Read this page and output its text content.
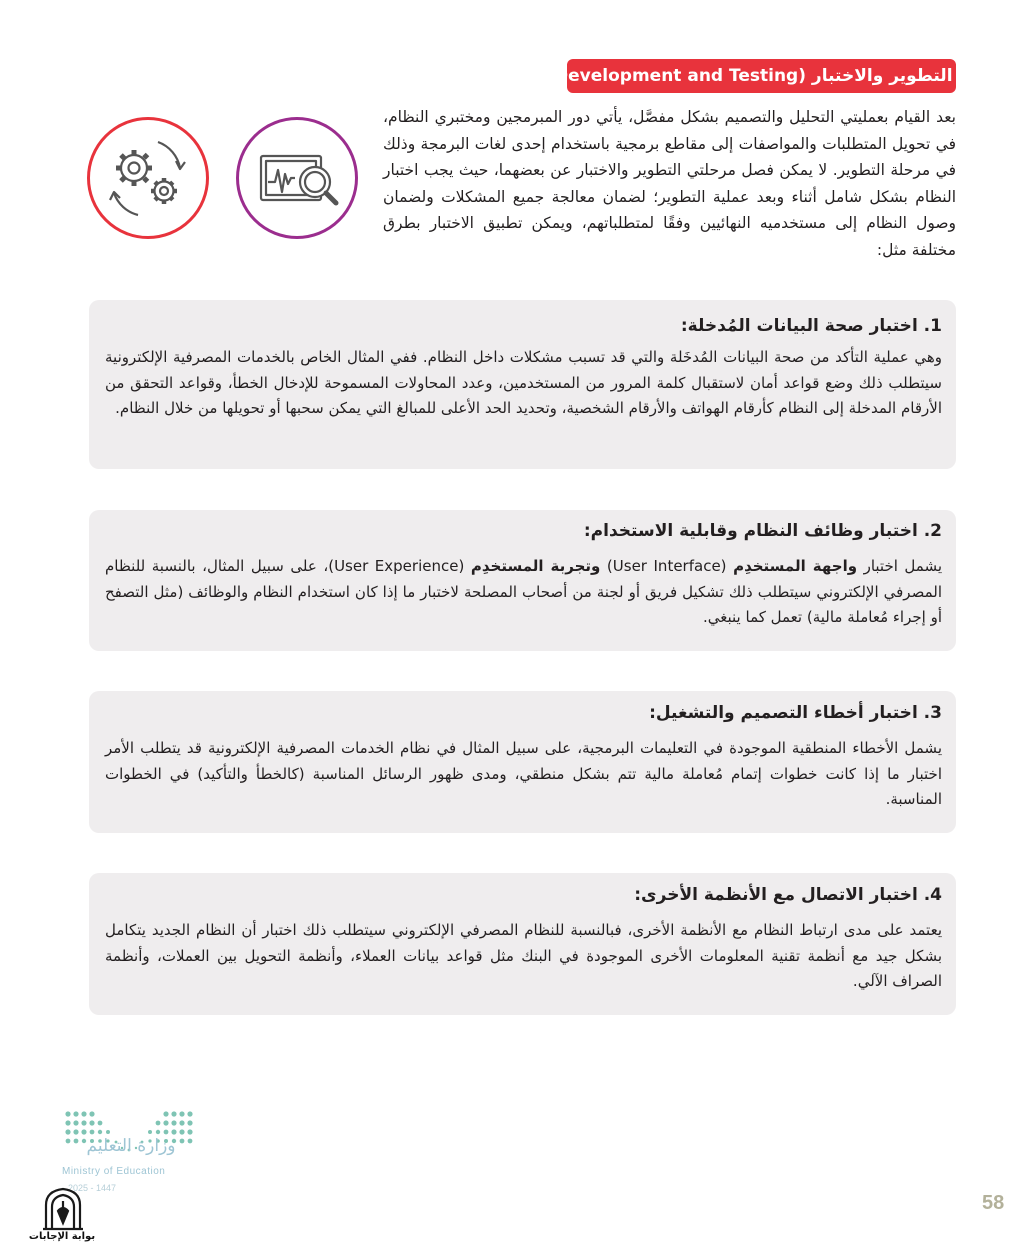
3. التطوير والاختبار (Development and Testing)

بعد القيام بعمليتي التحليل والتصميم بشكل مفصَّل، يأتي دور المبرمجين ومختبري النظام، في تحويل المتطلبات والمواصفات إلى مقاطع برمجية باستخدام إحدى لغات البرمجة وذلك في مرحلة التطوير. لا يمكن فصل مرحلتي التطوير والاختبار عن بعضهما، حيث يجب اختبار النظام بشكل شامل أثناء وبعد عملية التطوير؛ لضمان معالجة جميع المشكلات ولضمان وصول النظام إلى مستخدميه النهائيين وفقًا لمتطلباتهم، ويمكن تطبيق الاختبار بطرق مختلفة مثل:

1. اختبار صحة البيانات المُدخلة:

وهي عملية التأكد من صحة البيانات المُدخَلة والتي قد تسبب مشكلات داخل النظام. ففي المثال الخاص بالخدمات المصرفية الإلكترونية سيتطلب ذلك وضع قواعد أمان لاستقبال كلمة المرور من المستخدمين، وعدد المحاولات المسموحة للإدخال الخطأ، وقواعد التحقق من الأرقام المدخلة إلى النظام كأرقام الهواتف والأرقام الشخصية، وتحديد الحد الأعلى للمبالغ التي يمكن سحبها أو تحويلها من خلال النظام.

2. اختبار وظائف النظام وقابلية الاستخدام:

يشمل اختبار واجهة المستخدِم (User Interface) وتجربة المستخدِم (User Experience)، على سبيل المثال، بالنسبة للنظام المصرفي الإلكتروني سيتطلب ذلك تشكيل فريق أو لجنة من أصحاب المصلحة لاختبار ما إذا كان استخدام النظام والوظائف (مثل التصفح أو إجراء مُعاملة مالية) تعمل كما ينبغي.

3. اختبار أخطاء التصميم والتشغيل:

يشمل الأخطاء المنطقية الموجودة في التعليمات البرمجية، على سبيل المثال في نظام الخدمات المصرفية الإلكترونية قد يتطلب الأمر اختبار ما إذا كانت خطوات إتمام مُعاملة مالية تتم بشكل منطقي، ومدى ظهور الرسائل المناسبة (كالخطأ والتأكيد) في الخطوات المناسبة.

4. اختبار الاتصال مع الأنظمة الأخرى:

يعتمد على مدى ارتباط النظام مع الأنظمة الأخرى، فبالنسبة للنظام المصرفي الإلكتروني سيتطلب ذلك اختبار أن النظام الجديد يتكامل بشكل جيد مع أنظمة تقنية المعلومات الأخرى الموجودة في البنك مثل قواعد بيانات العملاء، وأنظمة التحويل بين العملات، وأنظمة الصراف الآلي.

وزارة التعليم
Ministry of Education
2025 - 1447
58
بوابة الإجابات
